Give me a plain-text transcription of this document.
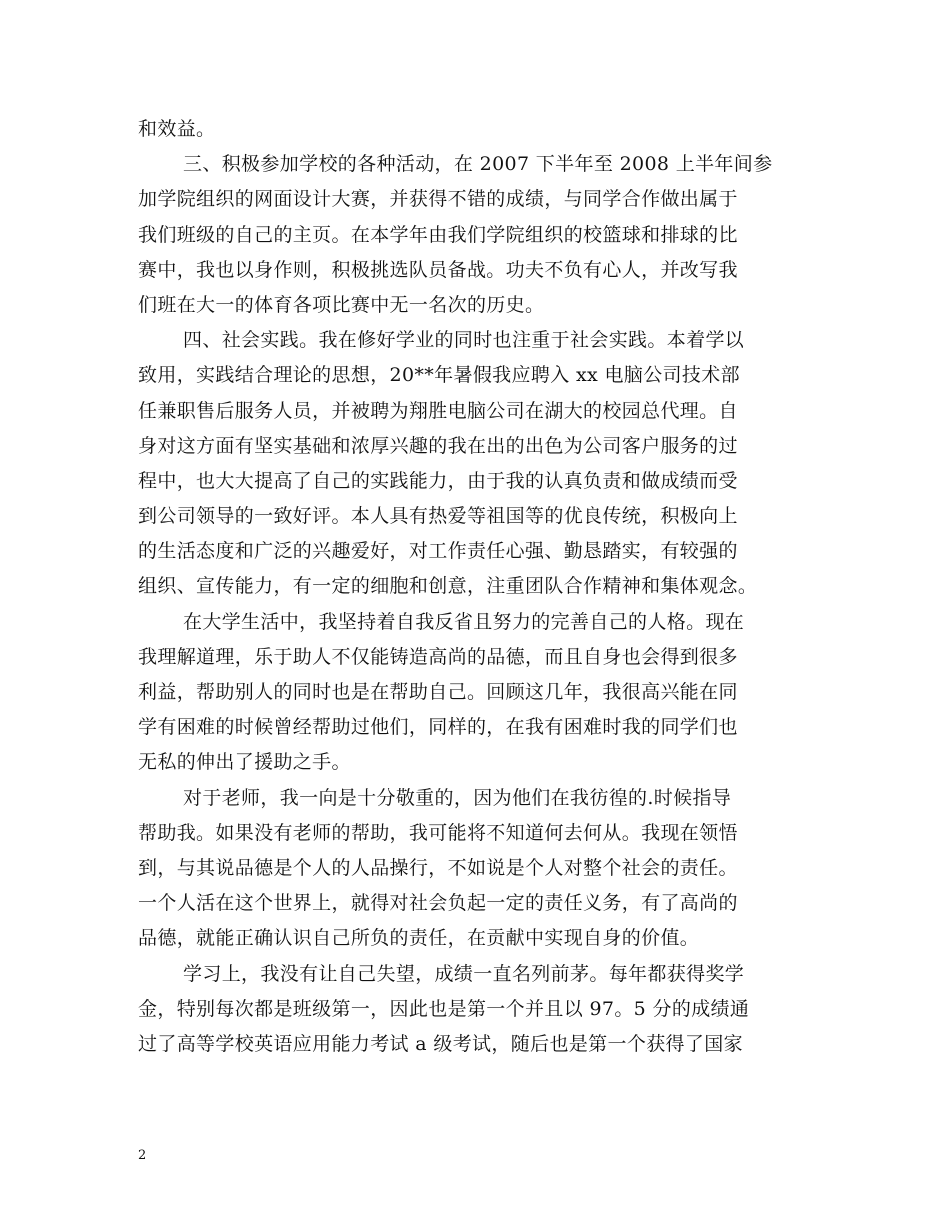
和效益。
三、积极参加学校的各种活动，在 2007 下半年至 2008 上半年间参
加学院组织的网面设计大赛，并获得不错的成绩，与同学合作做出属于
我们班级的自己的主页。在本学年由我们学院组织的校篮球和排球的比
赛中，我也以身作则，积极挑选队员备战。功夫不负有心人，并改写我
们班在大一的体育各项比赛中无一名次的历史。
四、社会实践。我在修好学业的同时也注重于社会实践。本着学以
致用，实践结合理论的思想，20**年暑假我应聘入 xx 电脑公司技术部
任兼职售后服务人员，并被聘为翔胜电脑公司在湖大的校园总代理。自
身对这方面有坚实基础和浓厚兴趣的我在出的出色为公司客户服务的过
程中，也大大提高了自己的实践能力，由于我的认真负责和做成绩而受
到公司领导的一致好评。本人具有热爱等祖国等的优良传统，积极向上
的生活态度和广泛的兴趣爱好，对工作责任心强、勤恳踏实，有较强的
组织、宣传能力，有一定的细胞和创意，注重团队合作精神和集体观念。
在大学生活中，我坚持着自我反省且努力的完善自己的人格。现在
我理解道理，乐于助人不仅能铸造高尚的品德，而且自身也会得到很多
利益，帮助别人的同时也是在帮助自己。回顾这几年，我很高兴能在同
学有困难的时候曾经帮助过他们，同样的，在我有困难时我的同学们也
无私的伸出了援助之手。
对于老师，我一向是十分敬重的，因为他们在我彷徨的.时候指导
帮助我。如果没有老师的帮助，我可能将不知道何去何从。我现在领悟
到，与其说品德是个人的人品操行，不如说是个人对整个社会的责任。
一个人活在这个世界上，就得对社会负起一定的责任义务，有了高尚的
品德，就能正确认识自己所负的责任，在贡献中实现自身的价值。
学习上，我没有让自己失望，成绩一直名列前茅。每年都获得奖学
金，特别每次都是班级第一，因此也是第一个并且以 97。5 分的成绩通
过了高等学校英语应用能力考试 a 级考试，随后也是第一个获得了国家
2
